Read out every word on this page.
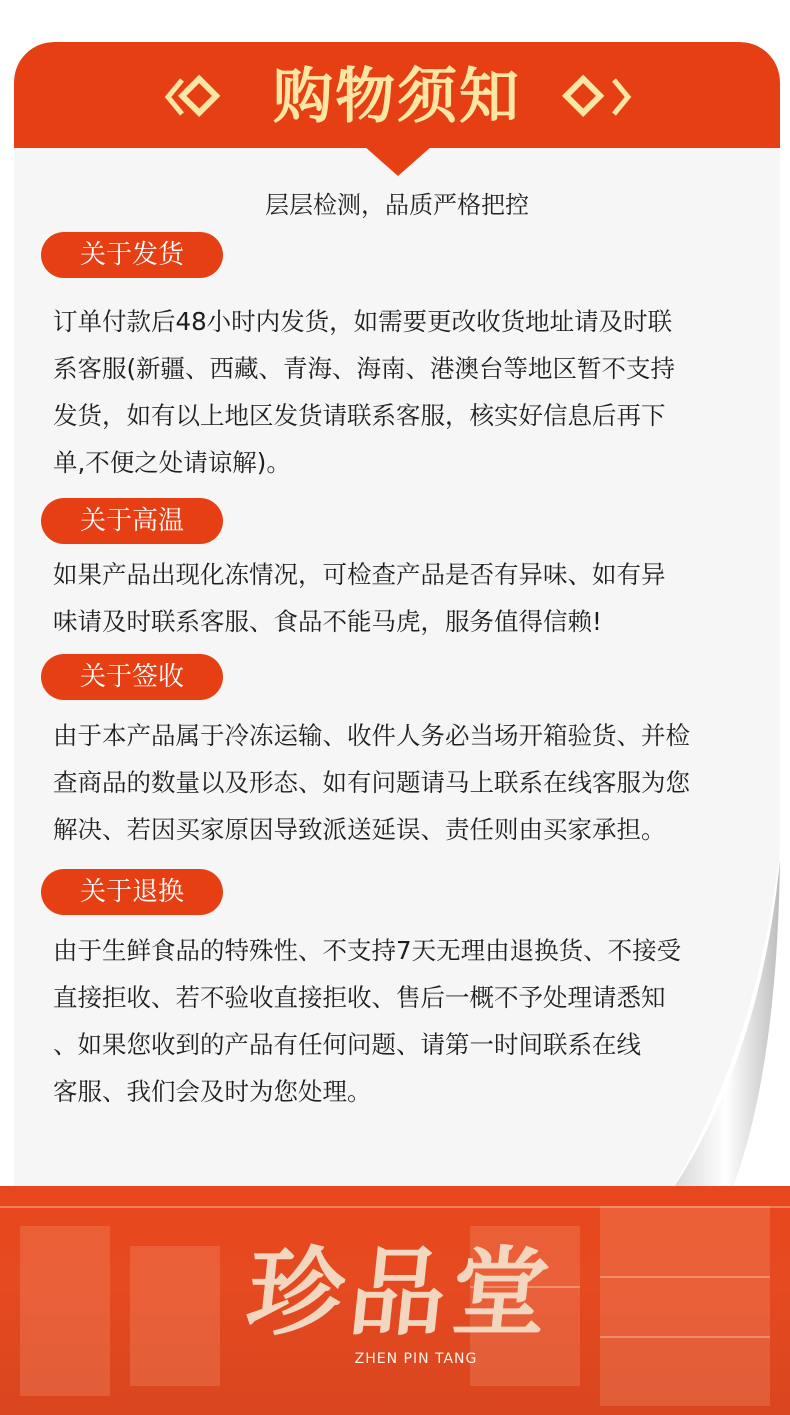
购物须知
层层检测，品质严格把控
关于发货
订单付款后48小时内发货，如需要更改收货地址请及时联
系客服(新疆、西藏、青海、海南、港澳台等地区暂不支持
发货，如有以上地区发货请联系客服，核实好信息后再下
单,不便之处请谅解)。
关于高温
如果产品出现化冻情况，可检查产品是否有异味、如有异
味请及时联系客服、食品不能马虎，服务值得信赖!
关于签收
由于本产品属于冷冻运输、收件人务必当场开箱验货、并检
查商品的数量以及形态、如有问题请马上联系在线客服为您
解决、若因买家原因导致派送延误、责任则由买家承担。
关于退换
由于生鲜食品的特殊性、不支持7天无理由退换货、不接受
直接拒收、若不验收直接拒收、售后一概不予处理请悉知
、如果您收到的产品有任何问题、请第一时间联系在线
客服、我们会及时为您处理。
珍品堂
ZHEN PIN TANG
